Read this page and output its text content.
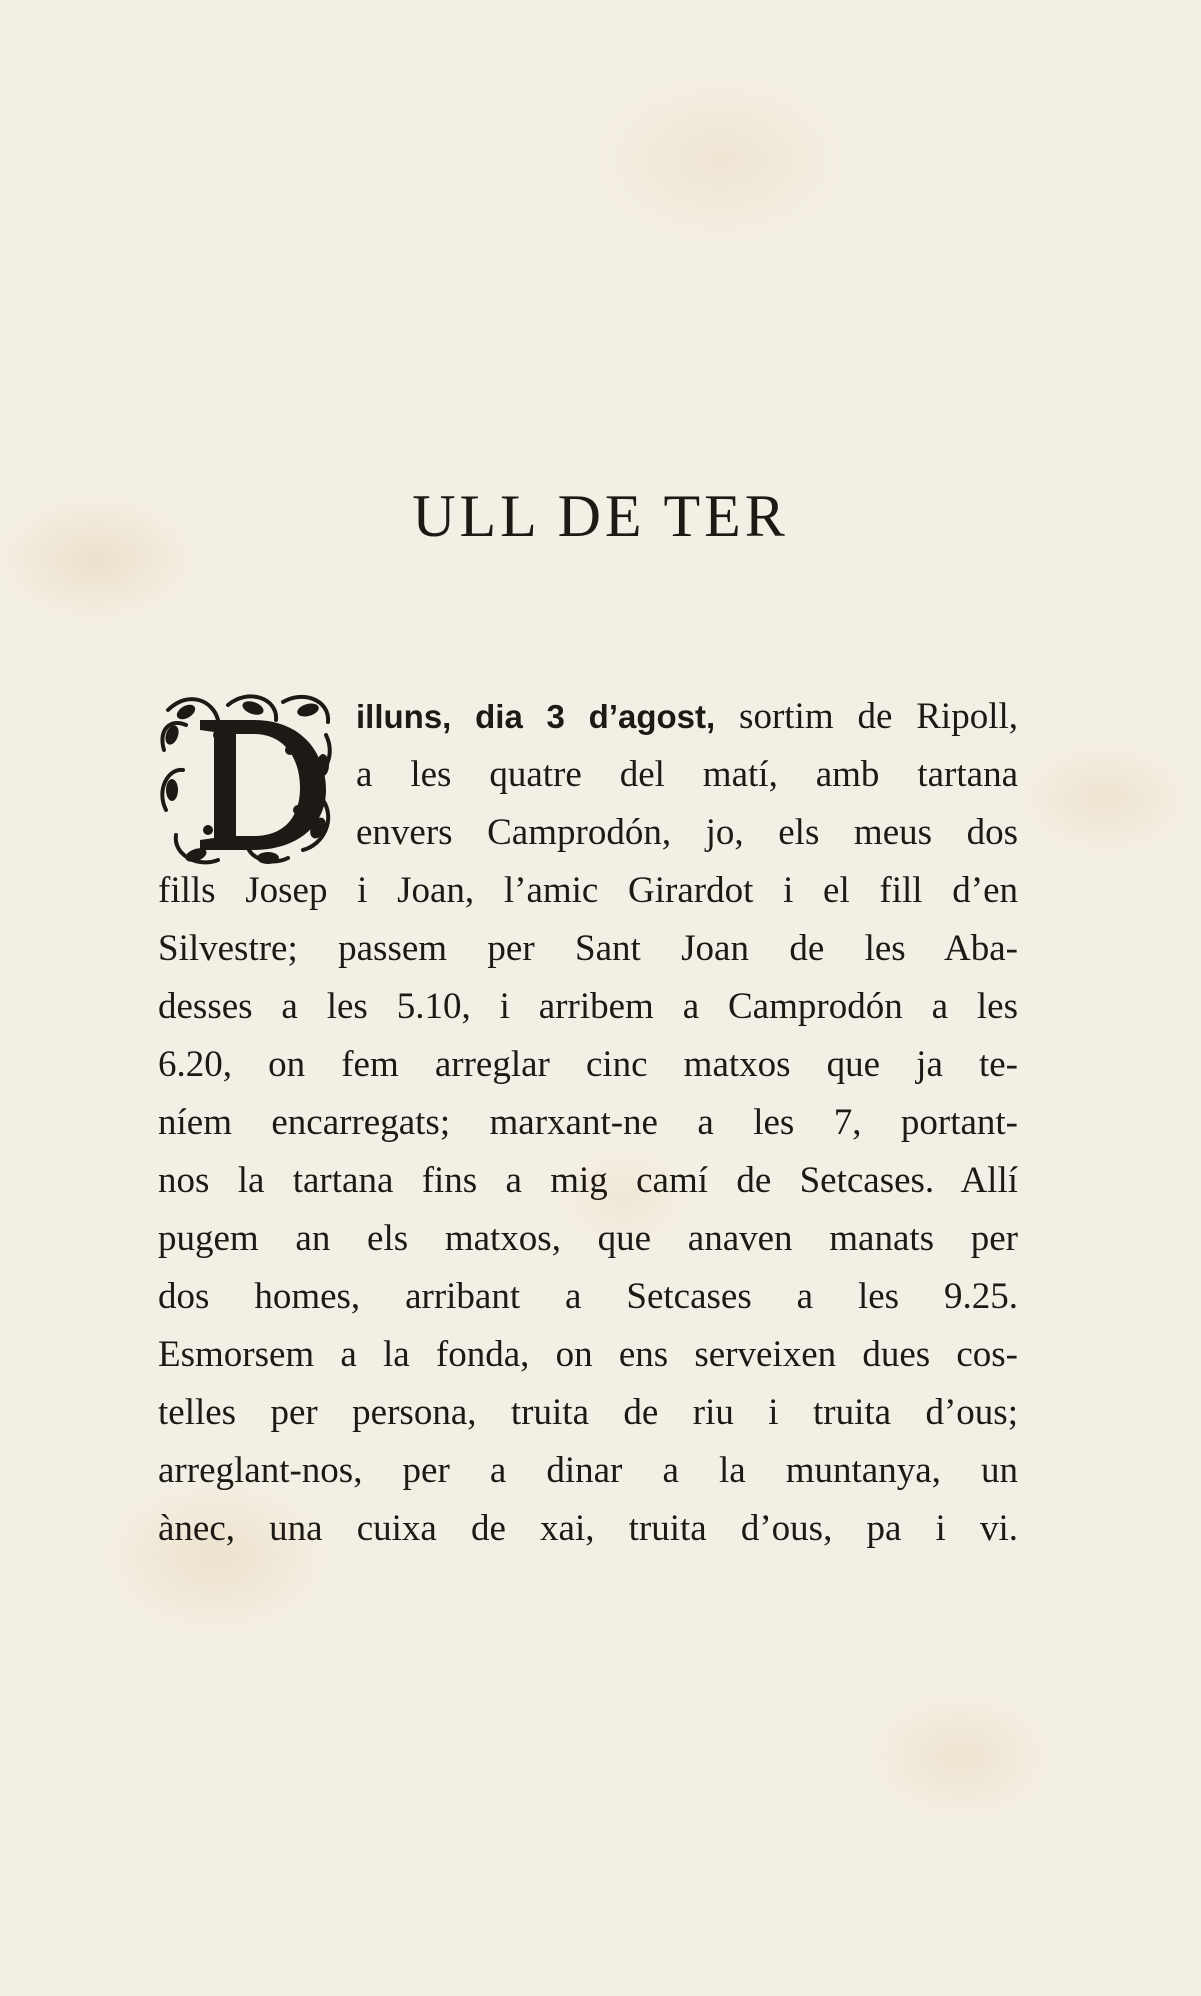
ULL DE TER
illuns, dia 3 d’agost, sortim de Ripoll,
a les quatre del matí, amb tartana
envers Camprodón, jo, els meus dos
fills Josep i Joan, l’amic Girardot i el fill d’en
Silvestre; passem per Sant Joan de les Aba-
desses a les 5.10, i arribem a Camprodón a les
6.20, on fem arreglar cinc matxos que ja te-
níem encarregats; marxant-ne a les 7, portant-
nos la tartana fins a mig camí de Setcases. Allí
pugem an els matxos, que anaven manats per
dos homes, arribant a Setcases a les 9.25.
Esmorsem a la fonda, on ens serveixen dues cos-
telles per persona, truita de riu i truita d’ous;
arreglant-nos, per a dinar a la muntanya, un
ànec, una cuixa de xai, truita d’ous, pa i vi.
